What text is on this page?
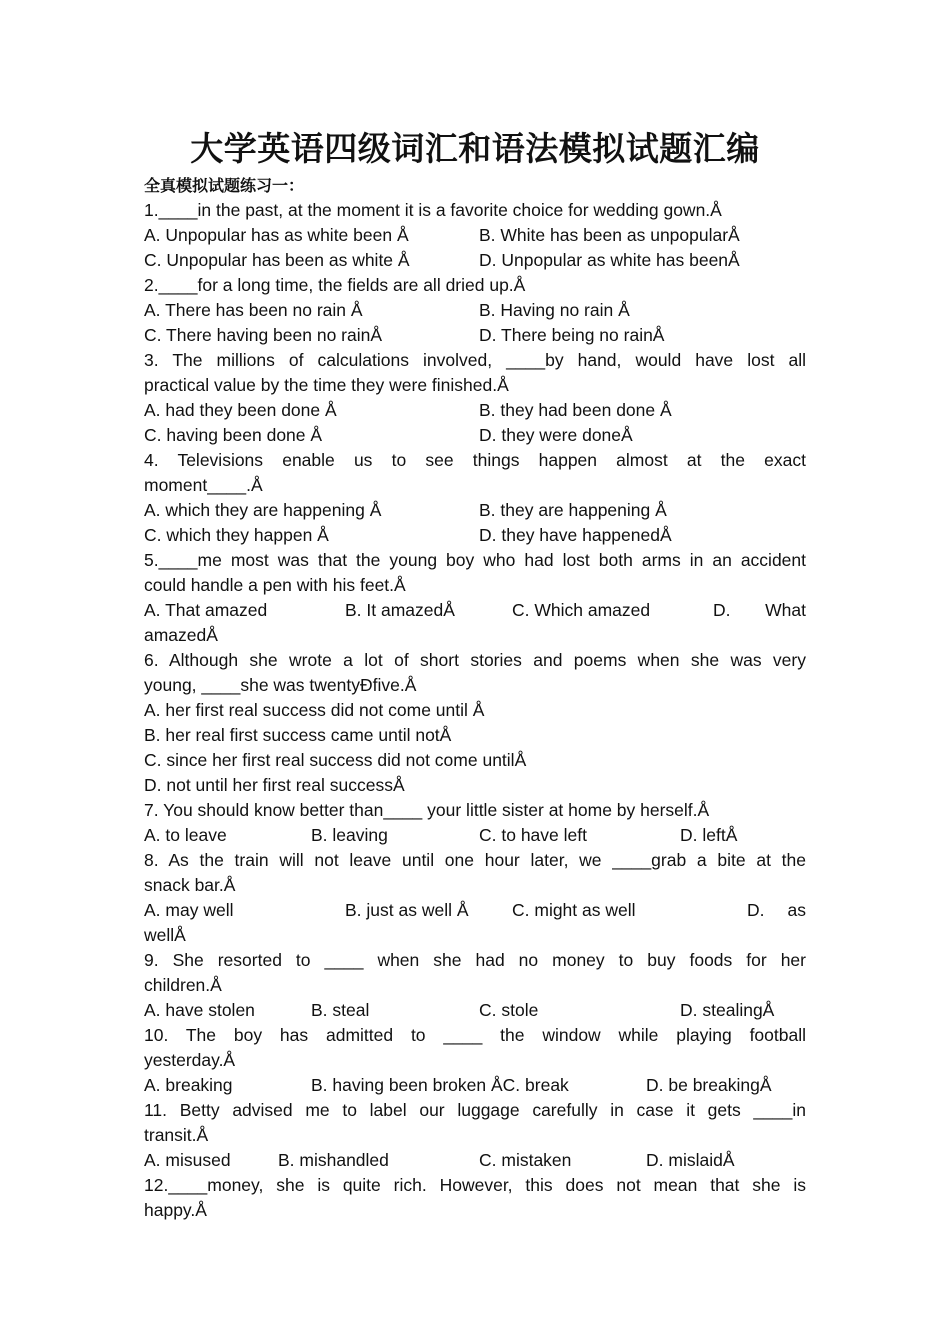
大学英语四级词汇和语法模拟试题汇编
全真模拟试题练习一：
1.____in the past, at the moment it is a favorite choice for wedding gown.Å
A. Unpopular has as white been Å	B. White has been as unpopularÅ
C. Unpopular has been as white Å	D. Unpopular as white has beenÅ
2.____for a long time, the fields are all dried up.Å
A. There has been no rain Å	B. Having no rain Å
C. There having been no rainÅ	D. There being no rainÅ
3. The millions of calculations involved, ____by hand, would have lost all
practical value by the time they were finished.Å
A. had they been done Å	B. they had been done Å
C. having been done Å	D. they were doneÅ
4. Televisions enable us to see things happen almost at the exact
moment____.Å
A. which they are happening Å	B. they are happening Å
C. which they happen Å	D. they have happenedÅ
5.____me most was that the young boy who had lost both arms in an accident
could handle a pen with his feet.Å
A. That amazed	B. It amazedÅ	C. Which amazed	D. What
amazedÅ
6. Although she wrote a lot of short stories and poems when she was very
young, ____she was twentyÐfive.Å
A. her first real success did not come until Å
B. her real first success came until notÅ
C. since her first real success did not come untilÅ
D. not until her first real successÅ
7. You should know better than____ your little sister at home by herself.Å
A. to leave	B. leaving	C. to have left	D. leftÅ
8. As the train will not leave until one hour later, we ____grab a bite at the
snack bar.Å
A. may well	B. just as well Å C. might as well	D. as
wellÅ
9. She resorted to ____ when she had no money to buy foods for her
children.Å
A. have stolen	B. steal	C. stole	D. stealingÅ
10. The boy has admitted to ____ the window while playing football
yesterday.Å
A. breaking	B. having been broken ÅC. break	D. be breakingÅ
11. Betty advised me to label our luggage carefully in case it gets ____in
transit.Å
A. misused	B. mishandled	C. mistaken	D. mislaidÅ
12.____money, she is quite rich. However, this does not mean that she is
happy.Å
